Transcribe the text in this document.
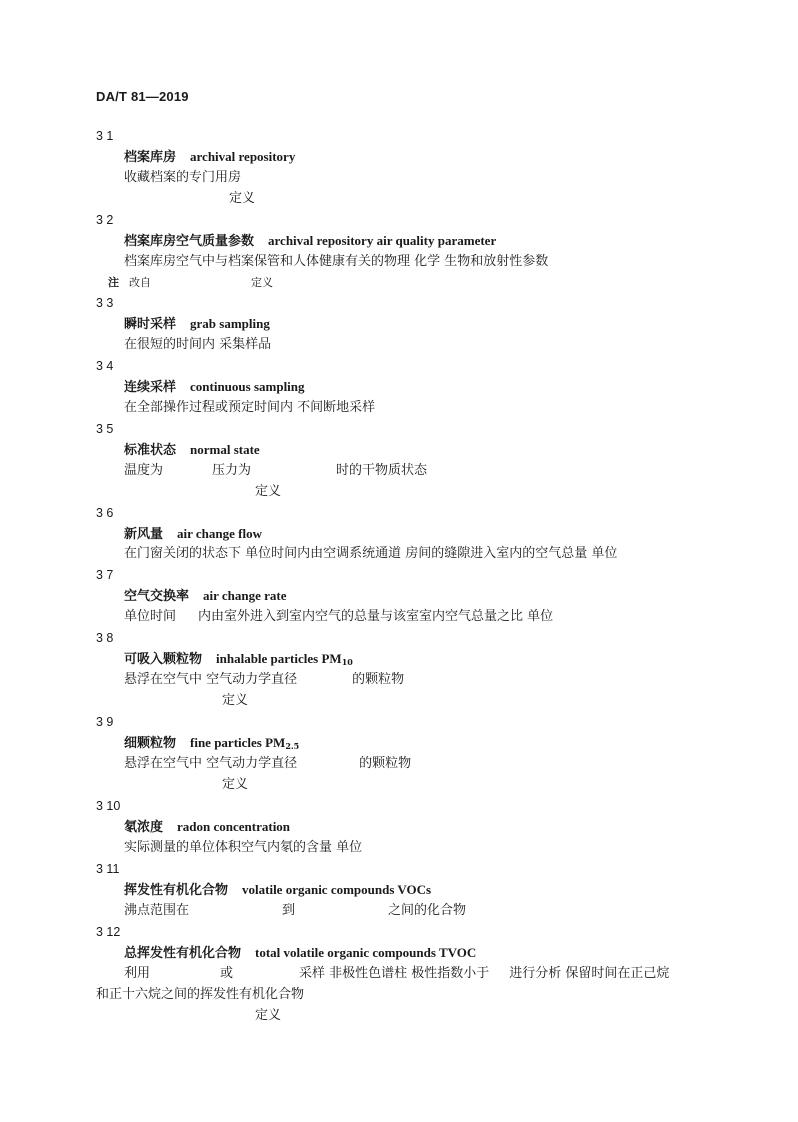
DA/T 81—2019
3 1
档案库房 archival repository
收藏档案的专门用房
定义
3 2
档案库房空气质量参数 archival repository air quality parameter
档案库房空气中与档案保管和人体健康有关的物理 化学 生物和放射性参数
注 改自	定义
3 3
瞬时采样 grab sampling
在很短的时间内 采集样品
3 4
连续采样 continuous sampling
在全部操作过程或预定时间内 不间断地采样
3 5
标准状态 normal state
温度为	压力为	时的干物质状态
定义
3 6
新风量 air change flow
在门窗关闭的状态下 单位时间内由空调系统通道 房间的缝隙进入室内的空气总量 单位
3 7
空气交换率 air change rate
单位时间 内由室外进入到室内空气的总量与该室室内空气总量之比 单位
3 8
可吸入颗粒物 inhalable particles $PM_{10}$
悬浮在空气中 空气动力学直径	的颗粒物
定义
3 9
细颗粒物 fine particles $PM_{2.5}$
悬浮在空气中 空气动力学直径	的颗粒物
定义
3 10
氡浓度 radon concentration
实际测量的单位体积空气内氡的含量 单位
3 11
挥发性有机化合物 volatile organic compounds VOCs
沸点范围在	到	之间的化合物
3 12
总挥发性有机化合物 total volatile organic compounds TVOC
利用	或	采样 非极性色谱柱 极性指数小于 进行分析 保留时间在正己烷
和正十六烷之间的挥发性有机化合物
定义
